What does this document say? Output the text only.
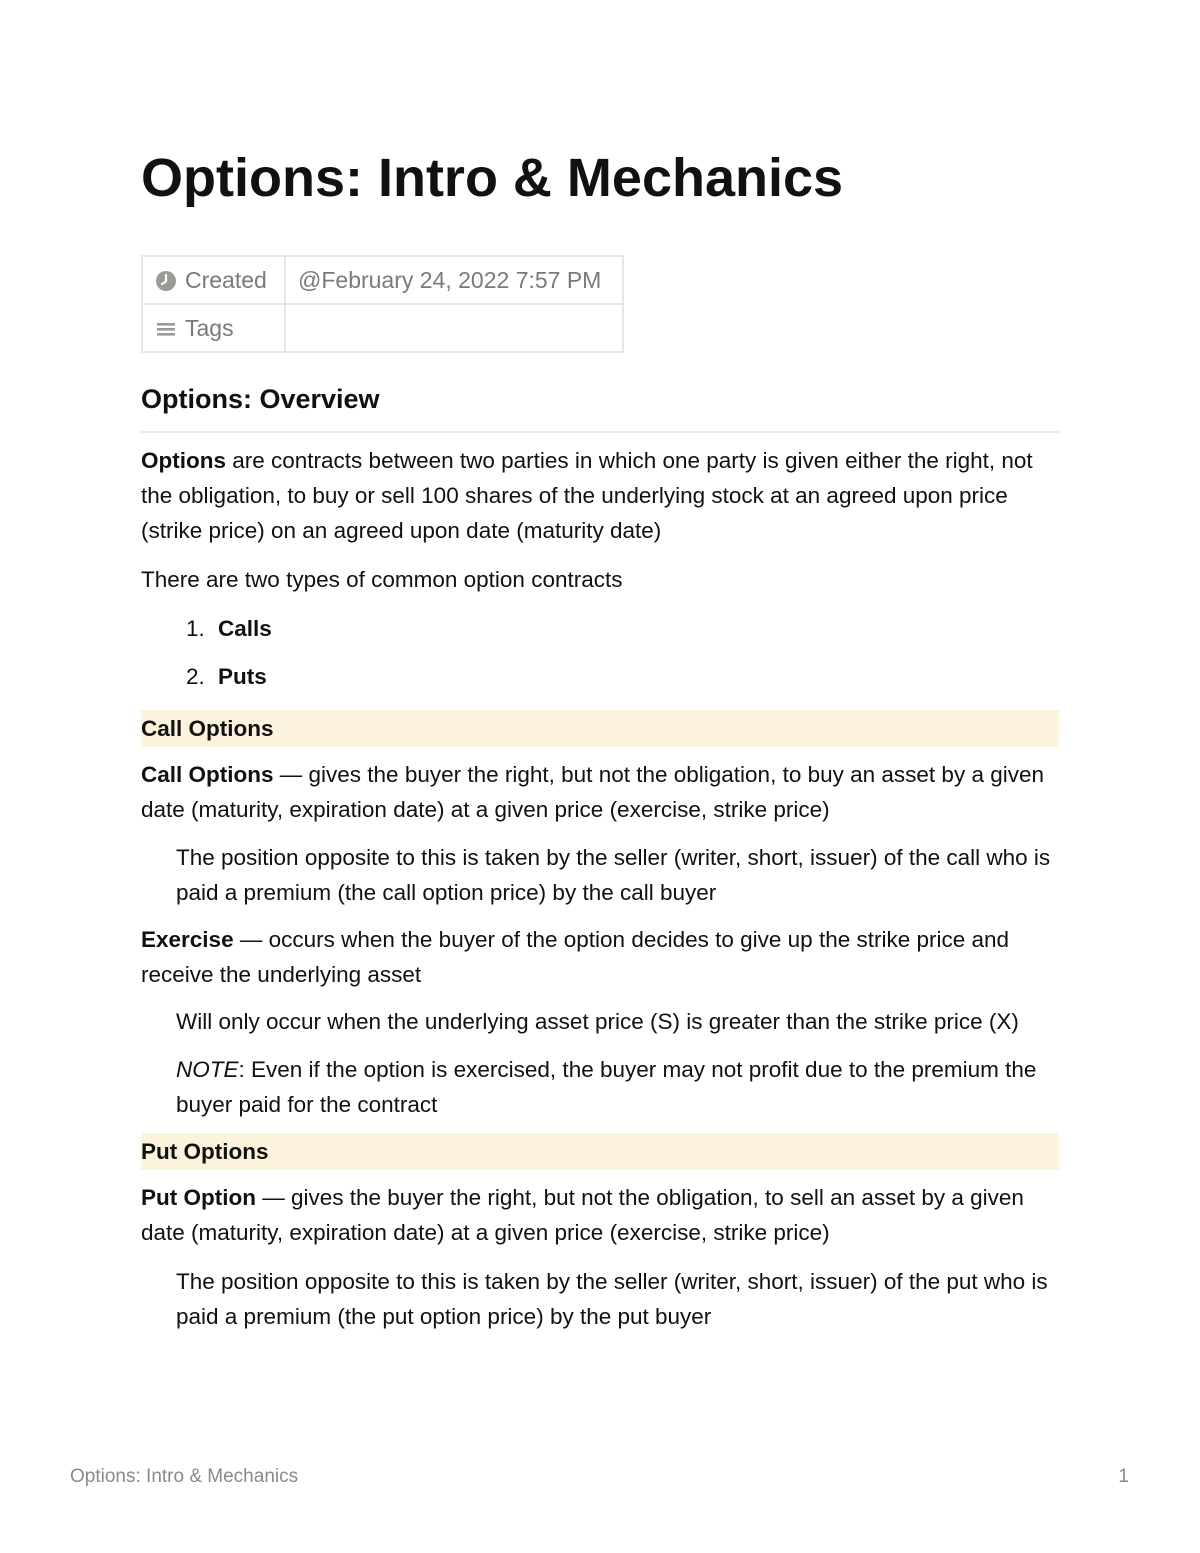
Options: Intro & Mechanics
Created	@February 24, 2022 7:57 PM
Tags	
Options: Overview

Options are contracts between two parties in which one party is given either the right, not the obligation, to buy or sell 100 shares of the underlying stock at an agreed upon price (strike price) on an agreed upon date (maturity date)

There are two types of common option contracts

1. Calls

2. Puts

Call Options

Call Options — gives the buyer the right, but not the obligation, to buy an asset by a given date (maturity, expiration date) at a given price (exercise, strike price)

The position opposite to this is taken by the seller (writer, short, issuer) of the call who is paid a premium (the call option price) by the call buyer

Exercise — occurs when the buyer of the option decides to give up the strike price and receive the underlying asset

Will only occur when the underlying asset price (S) is greater than the strike price (X)

NOTE: Even if the option is exercised, the buyer may not profit due to the premium the buyer paid for the contract

Put Options

Put Option — gives the buyer the right, but not the obligation, to sell an asset by a given date (maturity, expiration date) at a given price (exercise, strike price)

The position opposite to this is taken by the seller (writer, short, issuer) of the put who is paid a premium (the put option price) by the put buyer

Options: Intro & Mechanics	1
